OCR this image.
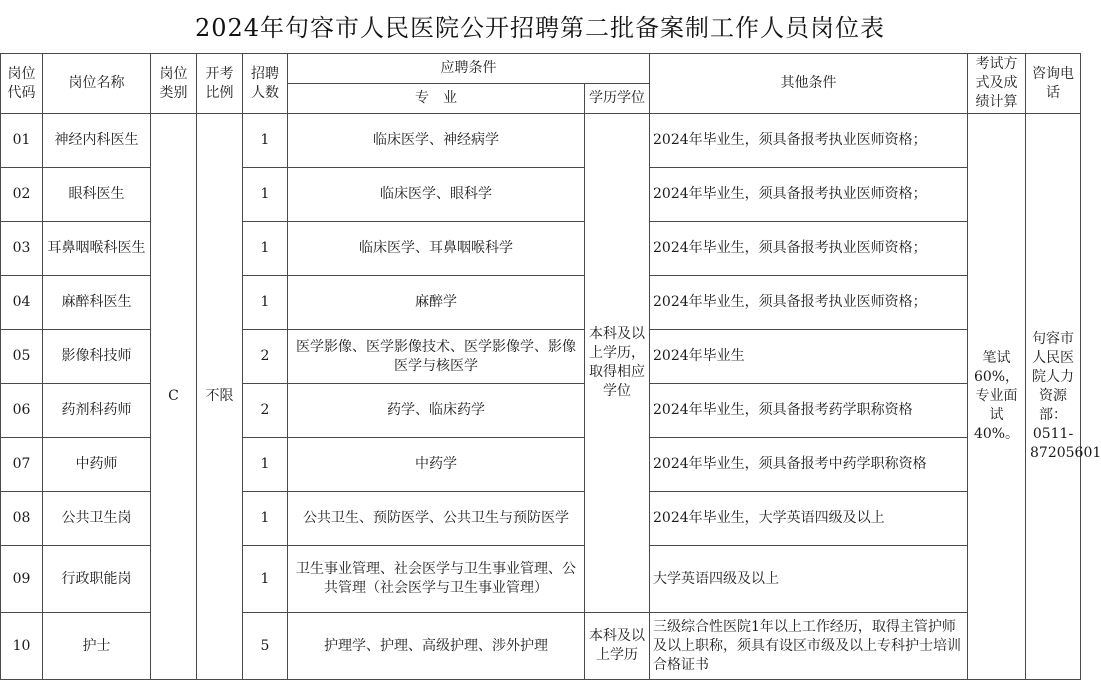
2024年句容市人民医院公开招聘第二批备案制工作人员岗位表
岗位代码	岗位名称	岗位类别	开考比例	招聘人数	应聘条件		其他条件	考试方式及成绩计算	咨询电话
					专　业	学历学位			
01	神经内科医生	C	不限	1	临床医学、神经病学	本科及以上学历，取得相应学位	2024年毕业生，须具备报考执业医师资格；	笔试60%，专业面试40%。	句容市人民医院人力资源部：0511-87205601
02	眼科医生			1	临床医学、眼科学		2024年毕业生，须具备报考执业医师资格；		
03	耳鼻咽喉科医生			1	临床医学、耳鼻咽喉科学		2024年毕业生，须具备报考执业医师资格；		
04	麻醉科医生			1	麻醉学		2024年毕业生，须具备报考执业医师资格；		
05	影像科技师			2	医学影像、医学影像技术、医学影像学、影像医学与核医学		2024年毕业生		
06	药剂科药师			2	药学、临床药学		2024年毕业生，须具备报考药学职称资格		
07	中药师			1	中药学		2024年毕业生，须具备报考中药学职称资格		
08	公共卫生岗			1	公共卫生、预防医学、公共卫生与预防医学		2024年毕业生，大学英语四级及以上		
09	行政职能岗			1	卫生事业管理、社会医学与卫生事业管理、公共管理（社会医学与卫生事业管理）		大学英语四级及以上		
10	护士			5	护理学、护理、高级护理、涉外护理	本科及以上学历	三级综合性医院1年以上工作经历，取得主管护师及以上职称，须具有设区市级及以上专科护士培训合格证书		
